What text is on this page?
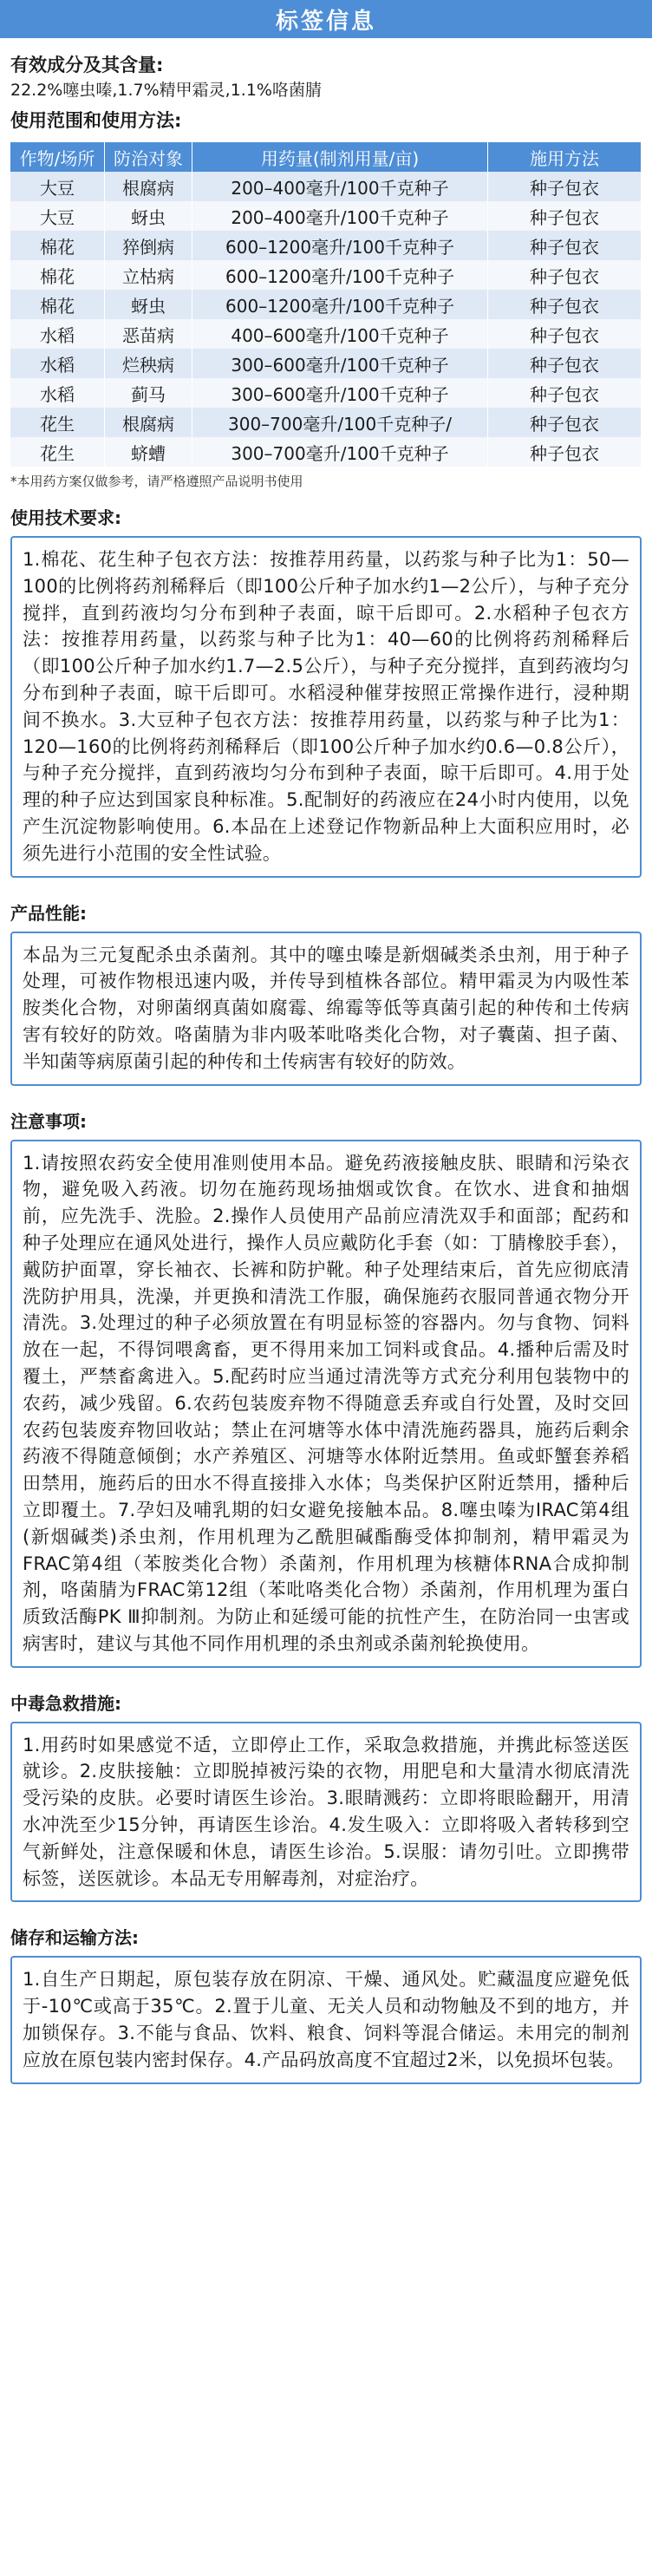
标签信息

有效成分及其含量:

22.2%噻虫嗪,1.7%精甲霜灵,1.1%咯菌腈

使用范围和使用方法:

作物/场所	防治对象	用药量(制剂用量/亩)	施用方法
大豆	根腐病	200–400毫升/100千克种子	种子包衣
大豆	蚜虫	200–400毫升/100千克种子	种子包衣
棉花	猝倒病	600–1200毫升/100千克种子	种子包衣
棉花	立枯病	600–1200毫升/100千克种子	种子包衣
棉花	蚜虫	600–1200毫升/100千克种子	种子包衣
水稻	恶苗病	400–600毫升/100千克种子	种子包衣
水稻	烂秧病	300–600毫升/100千克种子	种子包衣
水稻	蓟马	300–600毫升/100千克种子	种子包衣
花生	根腐病	300–700毫升/100千克种子/	种子包衣
花生	蛴螬	300–700毫升/100千克种子	种子包衣

*本用药方案仅做参考，请严格遵照产品说明书使用

使用技术要求:

1.棉花、花生种子包衣方法：按推荐用药量，以药浆与种子比为1：50—100的比例将药剂稀释后（即100公斤种子加水约1—2公斤），与种子充分搅拌，直到药液均匀分布到种子表面，晾干后即可。2.水稻种子包衣方法：按推荐用药量，以药浆与种子比为1：40—60的比例将药剂稀释后（即100公斤种子加水约1.7—2.5公斤），与种子充分搅拌，直到药液均匀分布到种子表面，晾干后即可。水稻浸种催芽按照正常操作进行，浸种期间不换水。3.大豆种子包衣方法：按推荐用药量，以药浆与种子比为1：120—160的比例将药剂稀释后（即100公斤种子加水约0.6—0.8公斤），与种子充分搅拌，直到药液均匀分布到种子表面，晾干后即可。4.用于处理的种子应达到国家良种标准。5.配制好的药液应在24小时内使用，以免产生沉淀物影响使用。6.本品在上述登记作物新品种上大面积应用时，必须先进行小范围的安全性试验。

产品性能:

本品为三元复配杀虫杀菌剂。其中的噻虫嗪是新烟碱类杀虫剂，用于种子处理，可被作物根迅速内吸，并传导到植株各部位。精甲霜灵为内吸性苯胺类化合物，对卵菌纲真菌如腐霉、绵霉等低等真菌引起的种传和土传病害有较好的防效。咯菌腈为非内吸苯吡咯类化合物，对子囊菌、担子菌、半知菌等病原菌引起的种传和土传病害有较好的防效。

注意事项:

1.请按照农药安全使用准则使用本品。避免药液接触皮肤、眼睛和污染衣物，避免吸入药液。切勿在施药现场抽烟或饮食。在饮水、进食和抽烟前，应先洗手、洗脸。2.操作人员使用产品前应清洗双手和面部；配药和种子处理应在通风处进行，操作人员应戴防化手套（如：丁腈橡胶手套），戴防护面罩，穿长袖衣、长裤和防护靴。种子处理结束后，首先应彻底清洗防护用具，洗澡，并更换和清洗工作服，确保施药衣服同普通衣物分开清洗。3.处理过的种子必须放置在有明显标签的容器内。勿与食物、饲料放在一起，不得饲喂禽畜，更不得用来加工饲料或食品。4.播种后需及时覆土，严禁畜禽进入。5.配药时应当通过清洗等方式充分利用包装物中的农药，减少残留。6.农药包装废弃物不得随意丢弃或自行处置，及时交回农药包装废弃物回收站；禁止在河塘等水体中清洗施药器具，施药后剩余药液不得随意倾倒；水产养殖区、河塘等水体附近禁用。鱼或虾蟹套养稻田禁用，施药后的田水不得直接排入水体；鸟类保护区附近禁用，播种后立即覆土。7.孕妇及哺乳期的妇女避免接触本品。8.噻虫嗪为IRAC第4组(新烟碱类)杀虫剂，作用机理为乙酰胆碱酯酶受体抑制剂，精甲霜灵为FRAC第4组（苯胺类化合物）杀菌剂，作用机理为核糖体RNA合成抑制剂，咯菌腈为FRAC第12组（苯吡咯类化合物）杀菌剂，作用机理为蛋白质致活酶PK Ⅲ抑制剂。为防止和延缓可能的抗性产生，在防治同一虫害或病害时，建议与其他不同作用机理的杀虫剂或杀菌剂轮换使用。

中毒急救措施:

1.用药时如果感觉不适，立即停止工作，采取急救措施，并携此标签送医就诊。2.皮肤接触：立即脱掉被污染的衣物，用肥皂和大量清水彻底清洗受污染的皮肤。必要时请医生诊治。3.眼睛溅药：立即将眼睑翻开，用清水冲洗至少15分钟，再请医生诊治。4.发生吸入：立即将吸入者转移到空气新鲜处，注意保暖和休息，请医生诊治。5.误服：请勿引吐。立即携带标签，送医就诊。本品无专用解毒剂，对症治疗。

储存和运输方法:

1.自生产日期起，原包装存放在阴凉、干燥、通风处。贮藏温度应避免低于-10℃或高于35℃。2.置于儿童、无关人员和动物触及不到的地方，并加锁保存。3.不能与食品、饮料、粮食、饲料等混合储运。未用完的制剂应放在原包装内密封保存。4.产品码放高度不宜超过2米，以免损坏包装。
